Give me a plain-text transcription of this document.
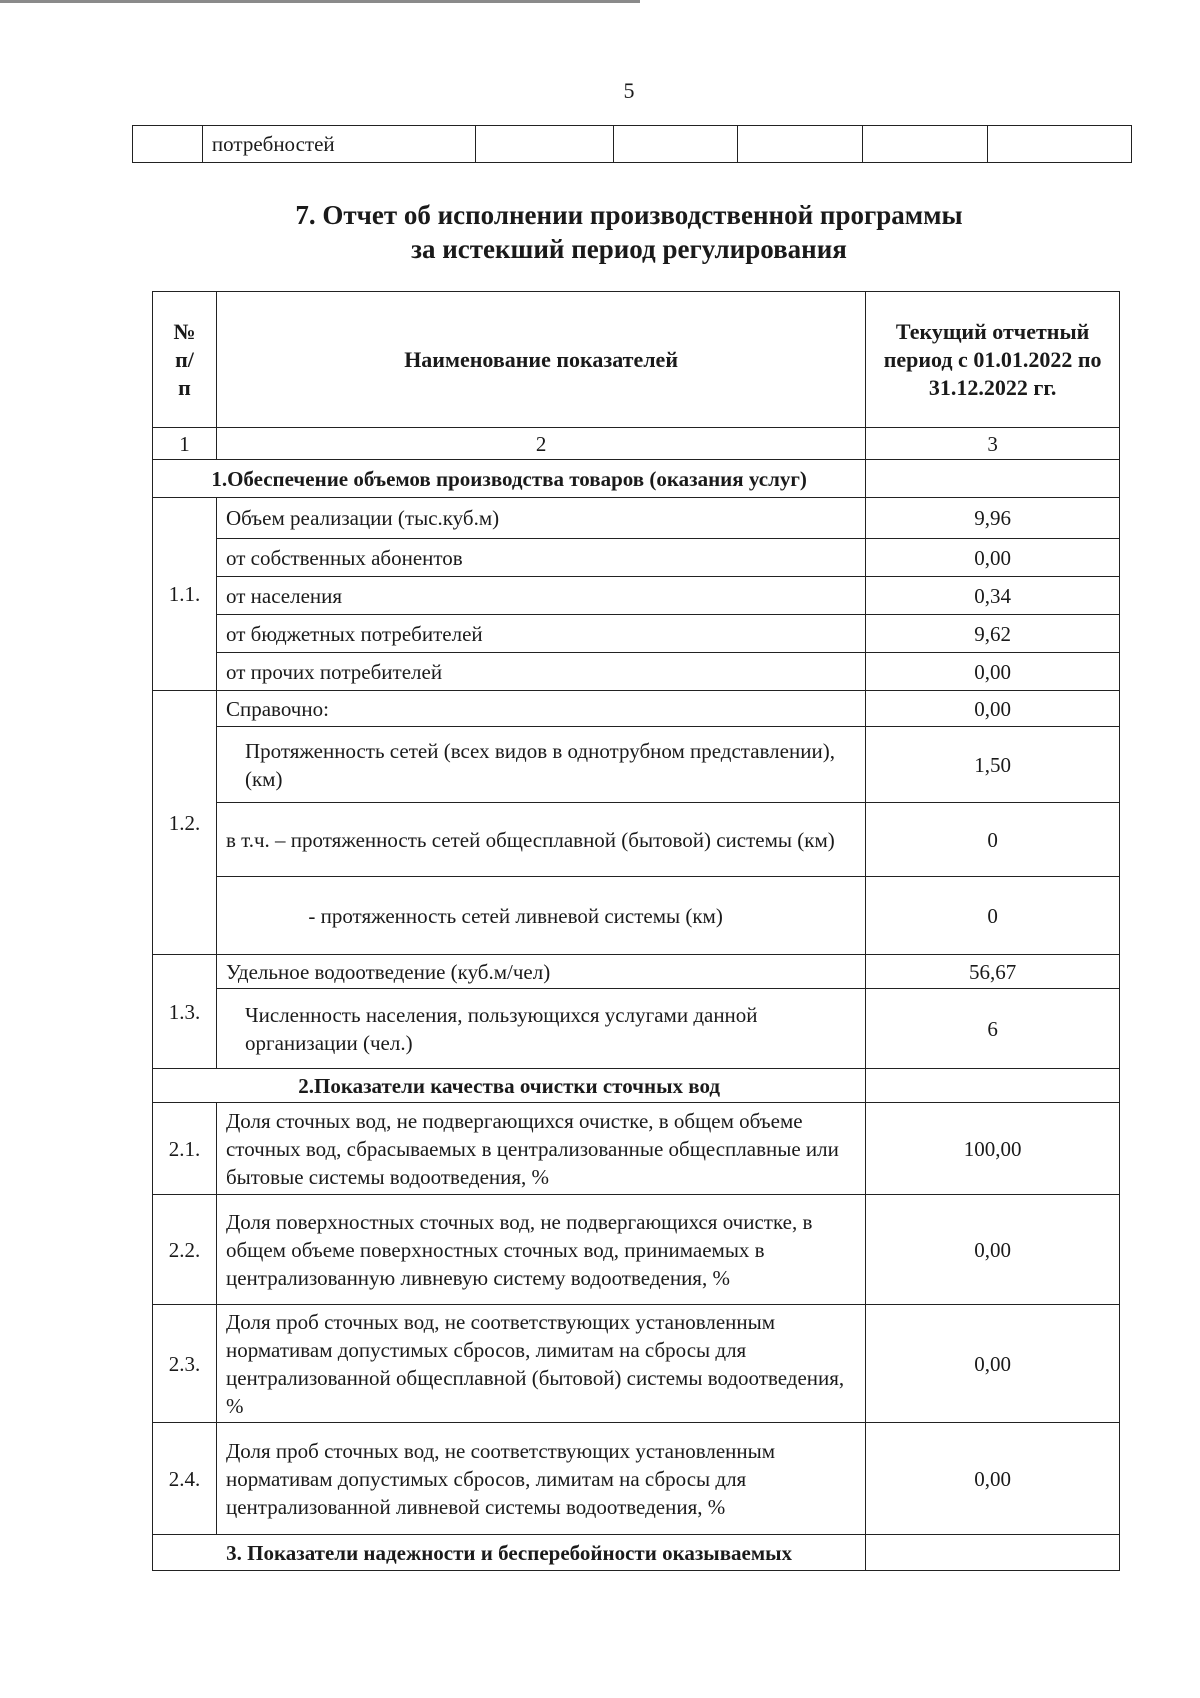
5
	потребностей					
7. Отчет об исполнении производственной программы
за истекший период регулирования
№ п/п	Наименование показателей	Текущий отчетный период с 01.01.2022 по 31.12.2022 гг.
1	2	3
1.Обеспечение объемов производства товаров (оказания услуг)		
1.1.	Объем реализации (тыс.куб.м)	9,96
	от собственных абонентов	0,00
	от населения	0,34
	от бюджетных потребителей	9,62
	от прочих потребителей	0,00
1.2.	Справочно:	0,00
	Протяженность сетей (всех видов в однотрубном представлении), (км)	1,50
	в т.ч. – протяженность сетей общесплавной (бытовой) системы (км)	0
	- протяженность сетей ливневой системы (км)	0
1.3.	Удельное водоотведение (куб.м/чел)	56,67
	Численность населения, пользующихся услугами данной организации (чел.)	6
2.Показатели качества очистки сточных вод		
2.1.	Доля сточных вод, не подвергающихся очистке, в общем объеме сточных вод, сбрасываемых в централизованные общесплавные или бытовые системы водоотведения, %	100,00
2.2.	Доля поверхностных сточных вод, не подвергающихся очистке, в общем объеме поверхностных сточных вод, принимаемых в централизованную ливневую систему водоотведения, %	0,00
2.3.	Доля проб сточных вод, не соответствующих установленным нормативам допустимых сбросов, лимитам на сбросы для централизованной общесплавной (бытовой) системы водоотведения, %	0,00
2.4.	Доля проб сточных вод, не соответствующих установленным нормативам допустимых сбросов, лимитам на сбросы для централизованной ливневой системы водоотведения, %	0,00
3. Показатели надежности и бесперебойности оказываемых		
